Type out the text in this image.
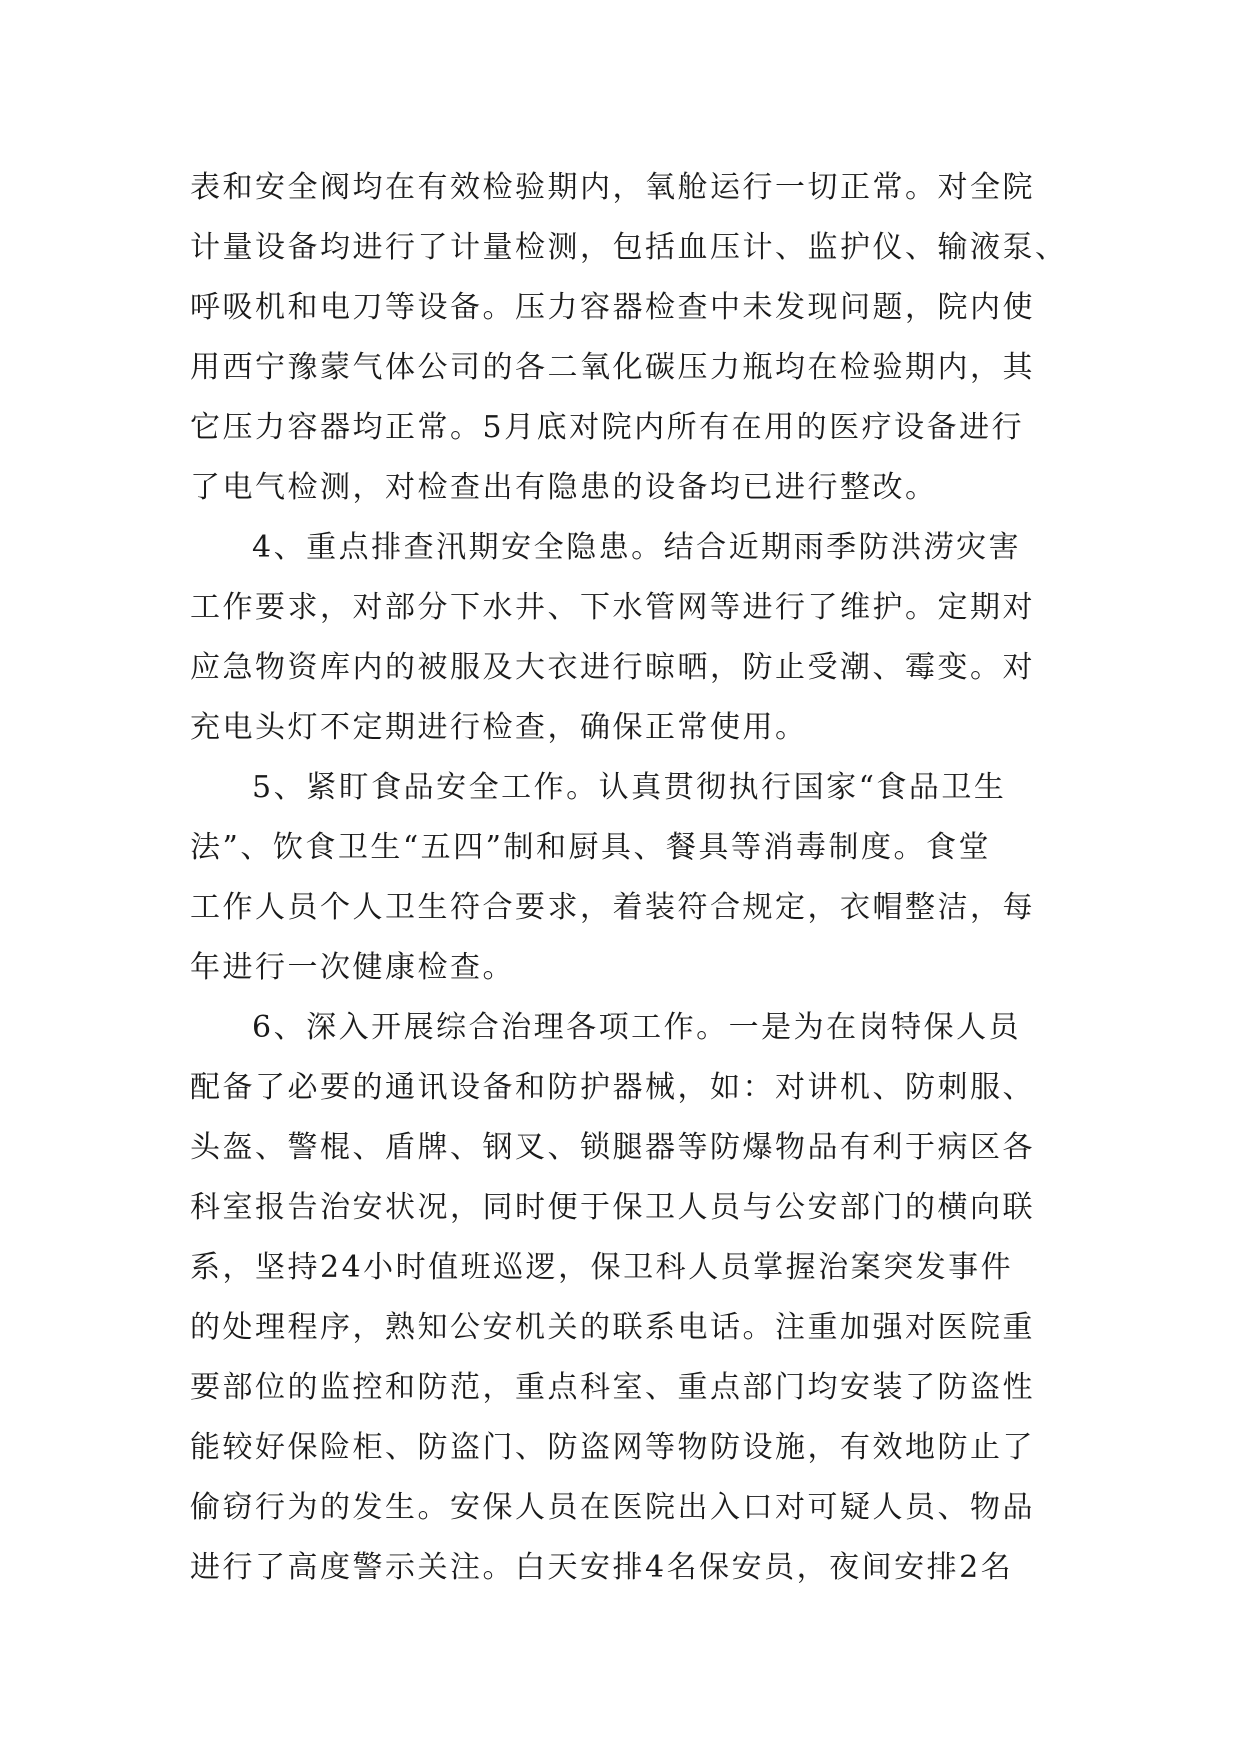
表和安全阀均在有效检验期内，氧舱运行一切正常。对全院
计量设备均进行了计量检测，包括血压计、监护仪、输液泵、
呼吸机和电刀等设备。压力容器检查中未发现问题，院内使
用西宁豫蒙气体公司的各二氧化碳压力瓶均在检验期内，其
它压力容器均正常。5月底对院内所有在用的医疗设备进行
了电气检测，对检查出有隐患的设备均已进行整改。
4、重点排查汛期安全隐患。结合近期雨季防洪涝灾害
工作要求，对部分下水井、下水管网等进行了维护。定期对
应急物资库内的被服及大衣进行晾晒，防止受潮、霉变。对
充电头灯不定期进行检查，确保正常使用。
5、紧盯食品安全工作。认真贯彻执行国家“食品卫生
法”、饮食卫生“五四”制和厨具、餐具等消毒制度。食堂
工作人员个人卫生符合要求，着装符合规定，衣帽整洁，每
年进行一次健康检查。
6、深入开展综合治理各项工作。一是为在岗特保人员
配备了必要的通讯设备和防护器械，如：对讲机、防刺服、
头盔、警棍、盾牌、钢叉、锁腿器等防爆物品有利于病区各
科室报告治安状况，同时便于保卫人员与公安部门的横向联
系，坚持24小时值班巡逻，保卫科人员掌握治案突发事件
的处理程序，熟知公安机关的联系电话。注重加强对医院重
要部位的监控和防范，重点科室、重点部门均安装了防盗性
能较好保险柜、防盗门、防盗网等物防设施，有效地防止了
偷窃行为的发生。安保人员在医院出入口对可疑人员、物品
进行了高度警示关注。白天安排4名保安员，夜间安排2名
